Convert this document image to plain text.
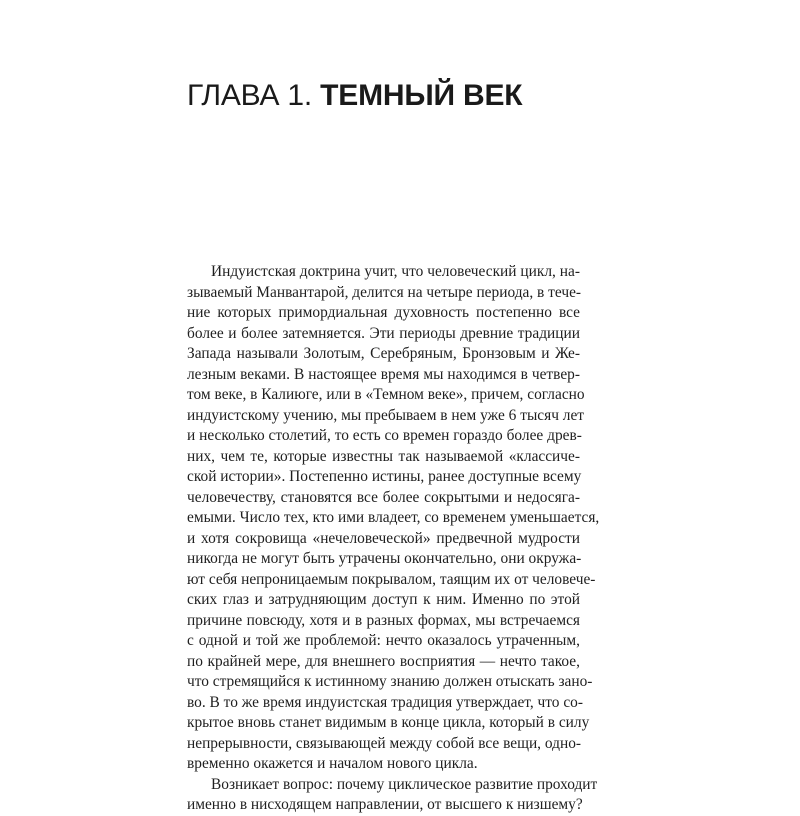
ГЛАВА 1. ТЕМНЫЙ ВЕК
Индуистская доктрина учит, что человеческий цикл, на-
зываемый Манвантарой, делится на четыре периода, в тече-
ние которых примордиальная духовность постепенно все
более и более затемняется. Эти периоды древние традиции
Запада называли Золотым, Серебряным, Бронзовым и Же-
лезным веками. В настоящее время мы находимся в четвер-
том веке, в Калиюге, или в «Темном веке», причем, согласно
индуистскому учению, мы пребываем в нем уже 6 тысяч лет
и несколько столетий, то есть со времен гораздо более древ-
них, чем те, которые известны так называемой «классиче-
ской истории». Постепенно истины, ранее доступные всему
человечеству, становятся все более сокрытыми и недосяга-
емыми. Число тех, кто ими владеет, со временем уменьшается,
и хотя сокровища «нечеловеческой» предвечной мудрости
никогда не могут быть утрачены окончательно, они окружа-
ют себя непроницаемым покрывалом, таящим их от человече-
ских глаз и затрудняющим доступ к ним. Именно по этой
причине повсюду, хотя и в разных формах, мы встречаемся
с одной и той же проблемой: нечто оказалось утраченным,
по крайней мере, для внешнего восприятия — нечто такое,
что стремящийся к истинному знанию должен отыскать зано-
во. В то же время индуистская традиция утверждает, что со-
крытое вновь станет видимым в конце цикла, который в силу
непрерывности, связывающей между собой все вещи, одно-
временно окажется и началом нового цикла.
Возникает вопрос: почему циклическое развитие проходит
именно в нисходящем направлении, от высшего к низшему?
